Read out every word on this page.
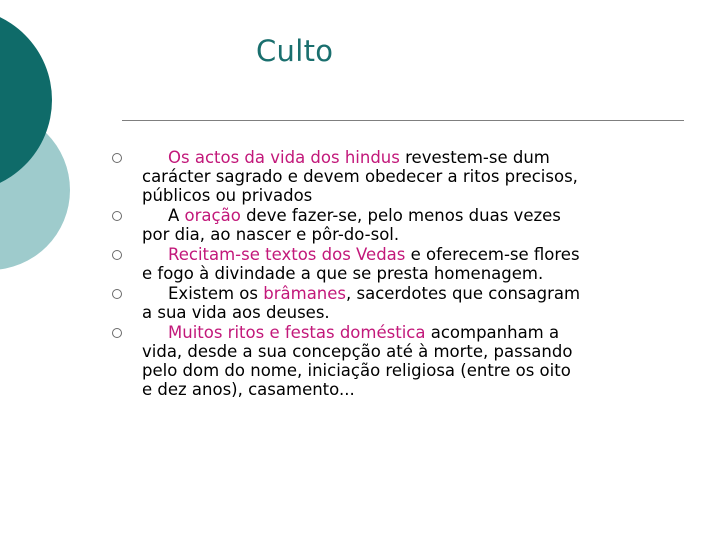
Culto
Os actos da vida dos hindus revestem-se dum carácter sagrado e devem obedecer a ritos precisos, públicos ou privados
A oração deve fazer-se, pelo menos duas vezes por dia, ao nascer e pôr-do-sol.
Recitam-se textos dos Vedas e oferecem-se flores e fogo à divindade a que se presta homenagem.
Existem os brâmanes, sacerdotes que consagram a sua vida aos deuses.
Muitos ritos e festas doméstica acompanham a vida, desde a sua concepção até à morte, passando pelo dom do nome, iniciação religiosa (entre os oito e dez anos), casamento...
